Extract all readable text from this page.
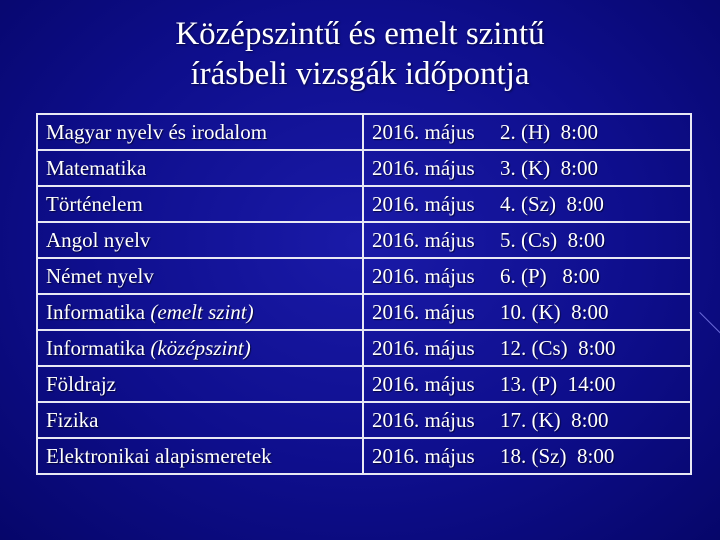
Középszintű és emelt szintű
írásbeli vizsgák időpontja
Magyar nyelv és irodalom	2016. május 2. (H)  8:00
Matematika	2016. május 3. (K)  8:00
Történelem	2016. május 4. (Sz)  8:00
Angol nyelv	2016. május 5. (Cs)  8:00
Német nyelv	2016. május 6. (P)   8:00
Informatika (emelt szint)	2016. május 10. (K)  8:00
Informatika (középszint)	2016. május 12. (Cs)  8:00
Földrajz	2016. május 13. (P)  14:00
Fizika	2016. május 17. (K)  8:00
Elektronikai alapismeretek	2016. május 18. (Sz)  8:00
